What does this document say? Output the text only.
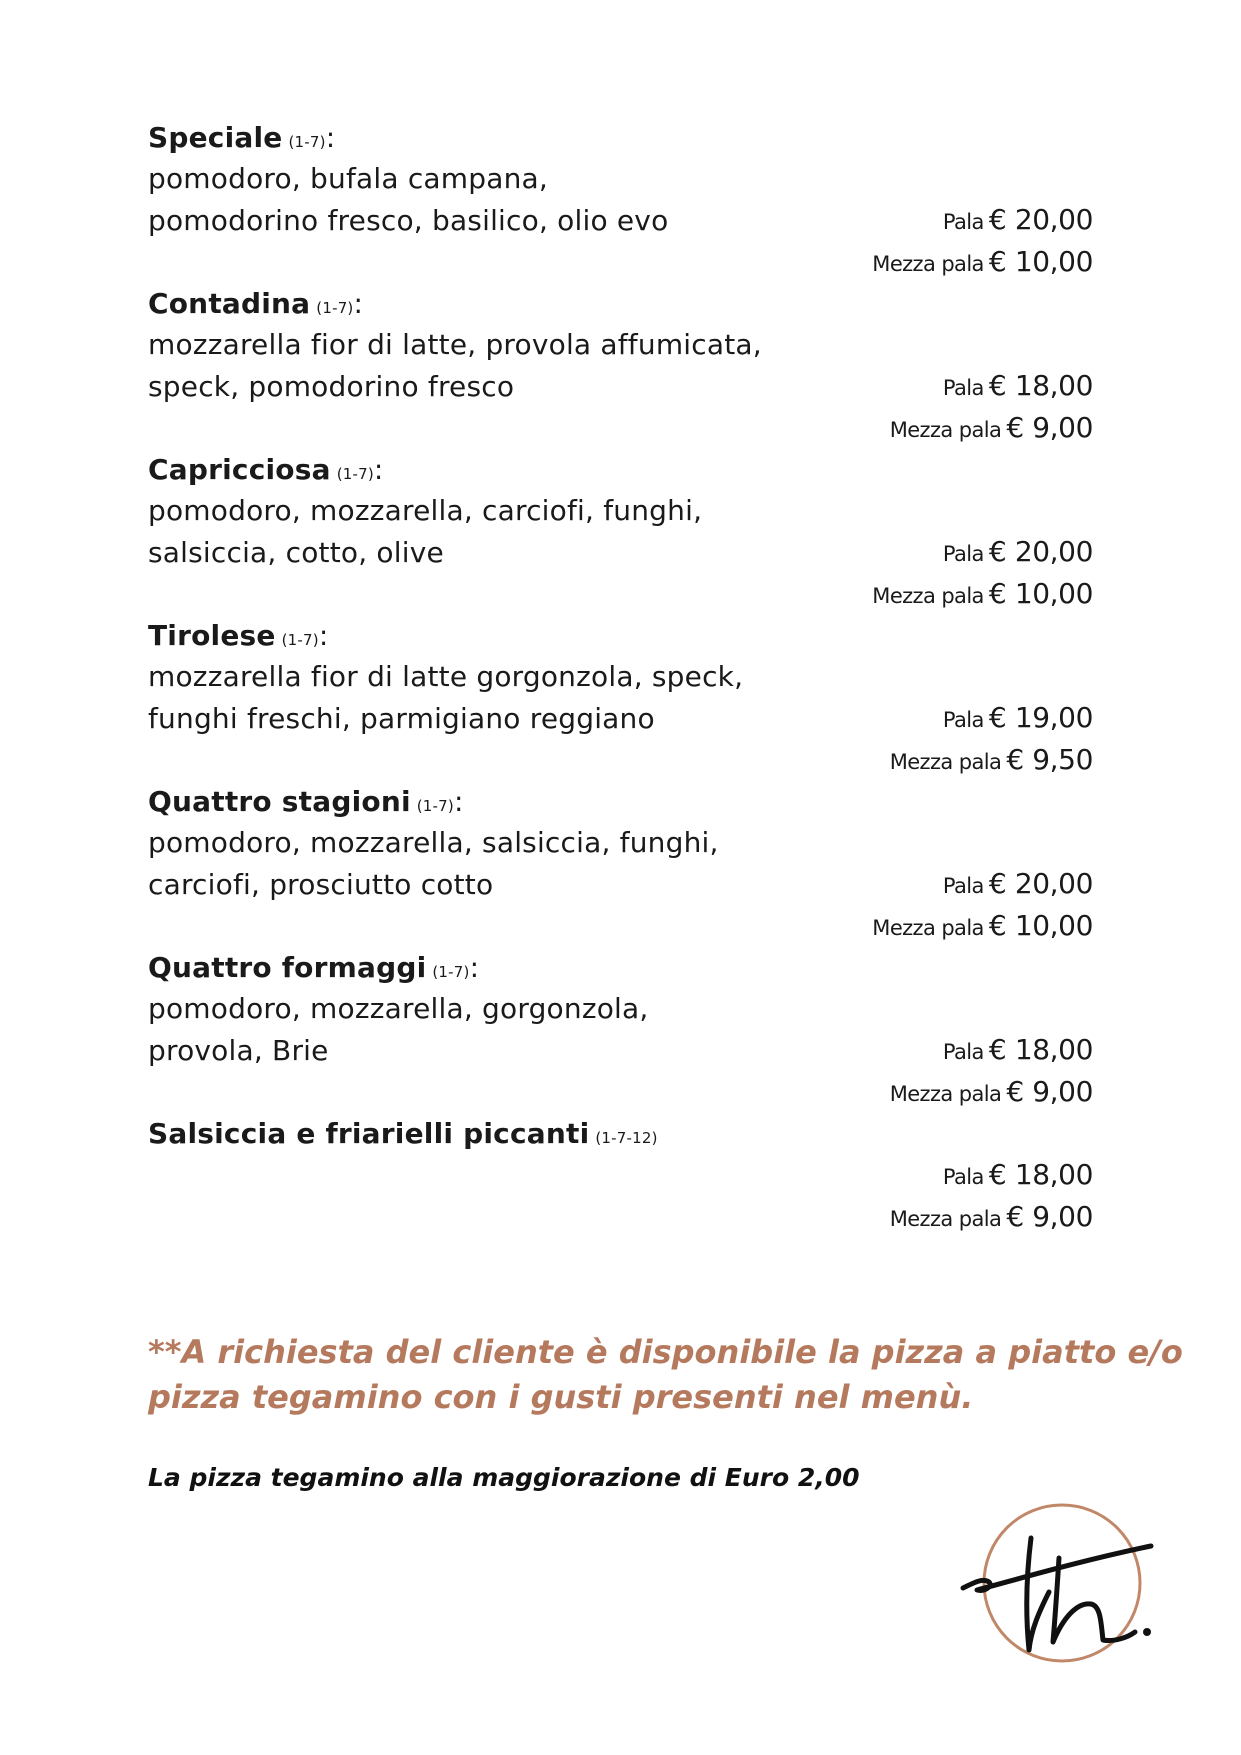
Speciale (1-7):
pomodoro, bufala campana,
pomodorino fresco, basilico, olio evo	Pala € 20,00
Mezza pala € 10,00
Contadina (1-7):
mozzarella fior di latte, provola affumicata,
speck, pomodorino fresco	Pala € 18,00
Mezza pala € 9,00
Capricciosa (1-7):
pomodoro, mozzarella, carciofi, funghi,
salsiccia, cotto, olive	Pala € 20,00
Mezza pala € 10,00
Tirolese (1-7):
mozzarella fior di latte gorgonzola, speck,
funghi freschi, parmigiano reggiano	Pala € 19,00
Mezza pala € 9,50
Quattro stagioni (1-7):
pomodoro, mozzarella, salsiccia, funghi,
carciofi, prosciutto cotto	Pala € 20,00
Mezza pala € 10,00
Quattro formaggi (1-7):
pomodoro, mozzarella, gorgonzola,
provola, Brie	Pala € 18,00
Mezza pala € 9,00
Salsiccia e friarielli piccanti (1-7-12)
Pala € 18,00
Mezza pala € 9,00
**A richiesta del cliente è disponibile la pizza a piatto e/o
pizza tegamino con i gusti presenti nel menù.
La pizza tegamino alla maggiorazione di Euro 2,00
